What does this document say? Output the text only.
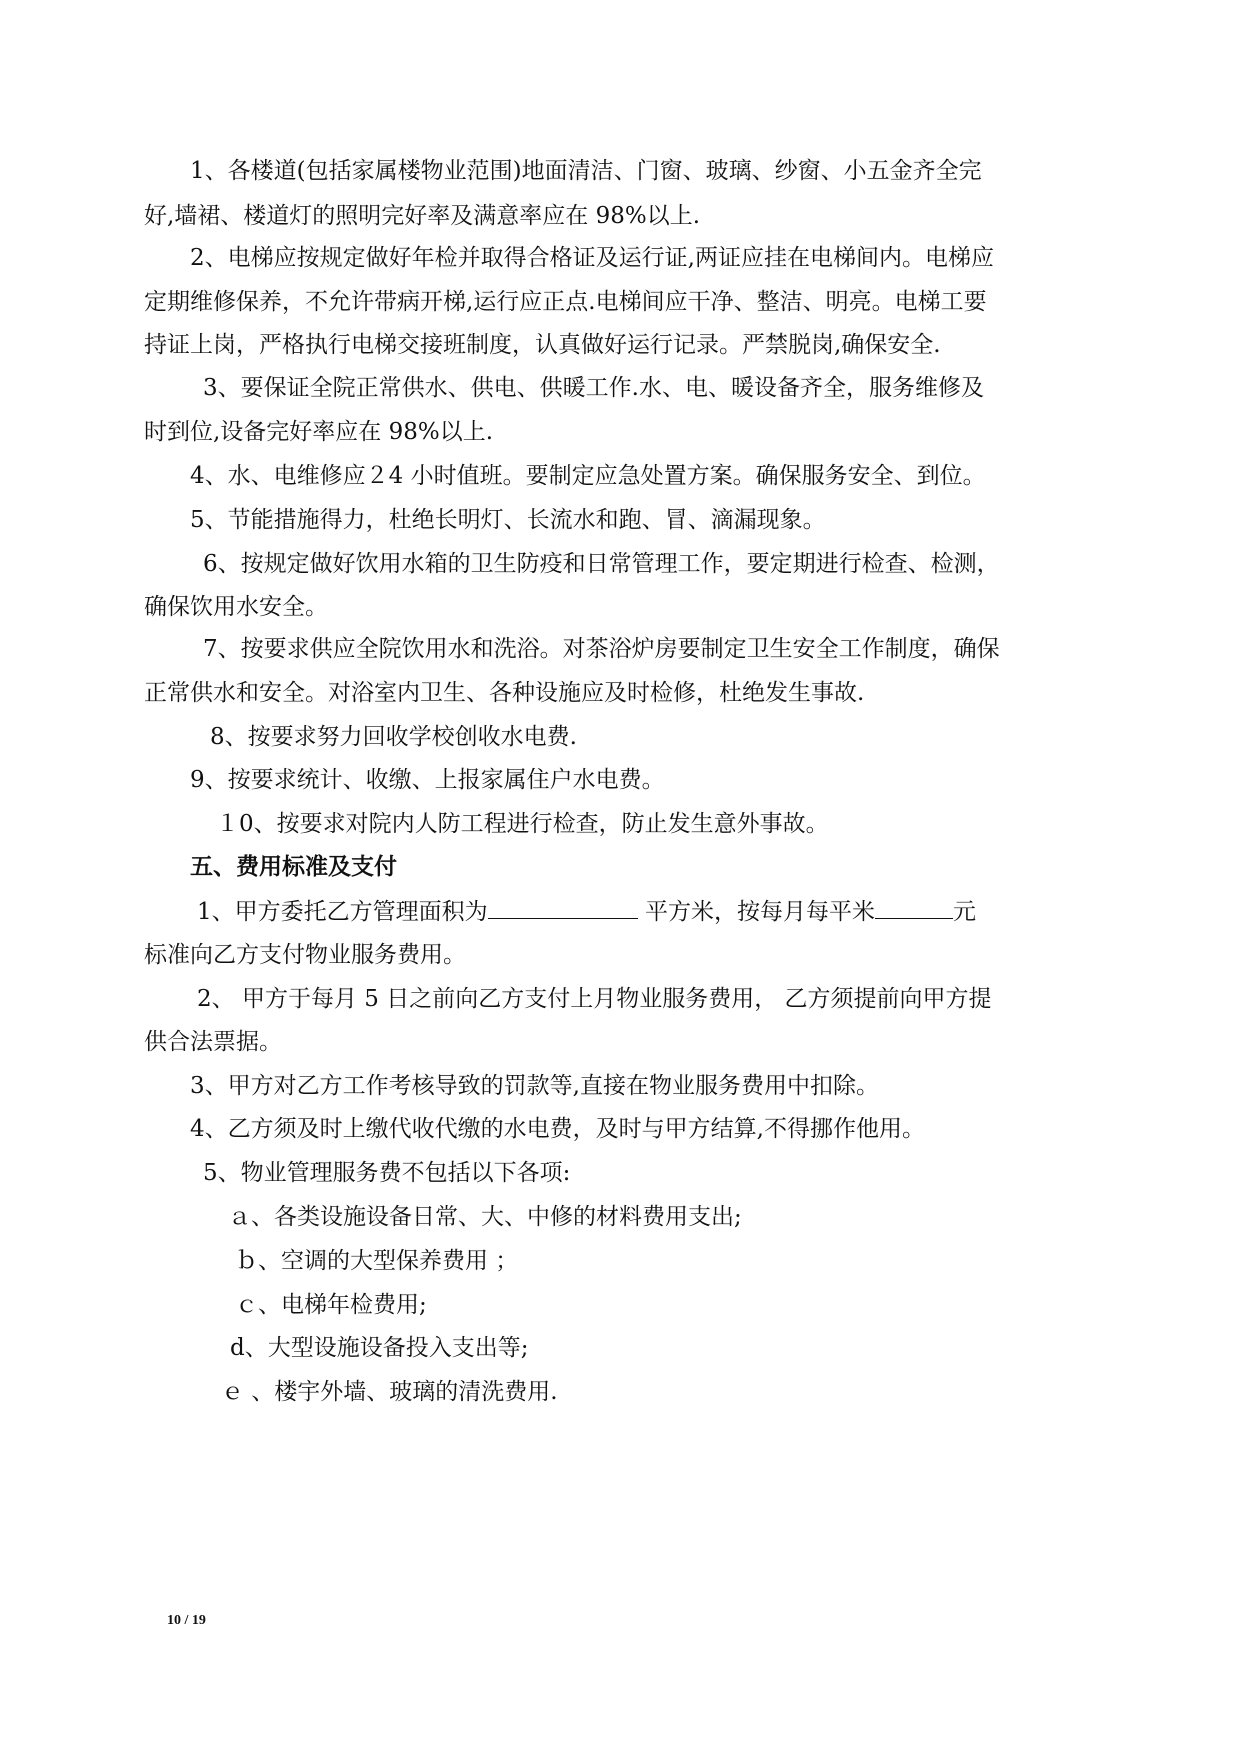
1、各楼道(包括家属楼物业范围)地面清洁、门窗、玻璃、纱窗、小五金齐全完
好,墙裙、楼道灯的照明完好率及满意率应在 98%以上.
2、电梯应按规定做好年检并取得合格证及运行证,两证应挂在电梯间内。电梯应
定期维修保养，不允许带病开梯,运行应正点.电梯间应干净、整洁、明亮。电梯工要
持证上岗，严格执行电梯交接班制度，认真做好运行记录。严禁脱岗,确保安全.
3、要保证全院正常供水、供电、供暖工作.水、电、暖设备齐全，服务维修及
时到位,设备完好率应在 98%以上.
4、水、电维修应２4 小时值班。要制定应急处置方案。确保服务安全、到位。
5、节能措施得力，杜绝长明灯、长流水和跑、冒、滴漏现象。
6、按规定做好饮用水箱的卫生防疫和日常管理工作，要定期进行检查、检测，
确保饮用水安全。
7、按要求供应全院饮用水和洗浴。对茶浴炉房要制定卫生安全工作制度，确保
正常供水和安全。对浴室内卫生、各种设施应及时检修，杜绝发生事故.
8、按要求努力回收学校创收水电费.
9、按要求统计、收缴、上报家属住户水电费。
１0、按要求对院内人防工程进行检查，防止发生意外事故。
五、费用标准及支付
1、甲方委托乙方管理面积为	平方米，按每月每平米	元
标准向乙方支付物业服务费用。
2、 甲方于每月 5 日之前向乙方支付上月物业服务费用， 乙方须提前向甲方提
供合法票据。
3、甲方对乙方工作考核导致的罚款等,直接在物业服务费用中扣除。
4、乙方须及时上缴代收代缴的水电费，及时与甲方结算,不得挪作他用。
5、物业管理服务费不包括以下各项:
ａ、各类设施设备日常、大、中修的材料费用支出;
ｂ、空调的大型保养费用 ；
ｃ、电梯年检费用;
d、大型设施设备投入支出等;
ｅ 、楼宇外墙、玻璃的清洗费用.
10 / 19
